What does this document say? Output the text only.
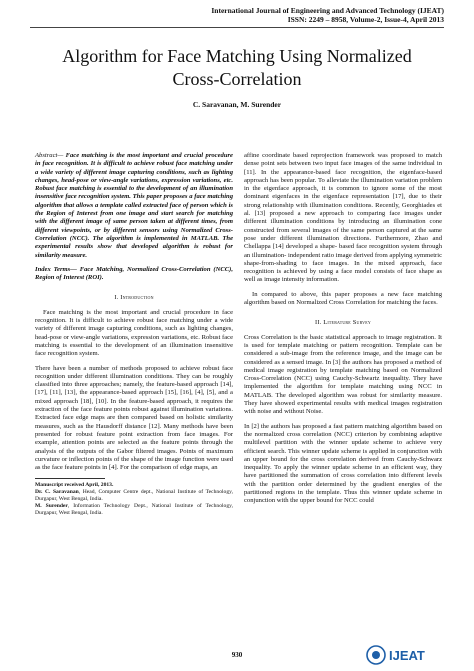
International Journal of Engineering and Advanced Technology (IJEAT)
ISSN: 2249 – 8958, Volume-2, Issue-4, April 2013
Algorithm for Face Matching Using Normalized
Cross-Correlation
C. Saravanan, M. Surender

Abstract— Face matching is the most important and crucial procedure in face recognition. It is difficult to achieve robust face matching under a wide variety of different image capturing conditions, such as lighting changes, head-pose or view-angle variations, expression variations, etc. Robust face matching is essential to the development of an illumination insensitive face recognition system. This paper proposes a face matching algorithm that allows a template called extracted face of person which is the Region of Interest from one image and start search for matching with the different image of same person taken at different times, from different viewpoints, or by different sensors using Normalized Cross-Correlation (NCC). The algorithm is implemented in MATLAB. The experimental results show that developed algorithm is robust for similarity measure.

Index Terms— Face Matching, Normalized Cross-Correlation (NCC), Region of Interest (ROI).

I. Introduction

Face matching is the most important and crucial procedure in face recognition. It is difficult to achieve robust face matching under a wide variety of different image capturing conditions, such as lighting changes, head-pose or view-angle variations, expression variations, etc. Robust face matching is essential to the development of an illumination insensitive face recognition system.

There have been a number of methods proposed to achieve robust face recognition under different illumination conditions. They can be roughly classified into three approaches; namely, the feature-based approach [14], [17], [11], [13], the appearance-based approach [15], [16], [4], [5], and a mixed approach [18], [10]. In the feature-based approach, it requires the extraction of the face feature points robust against illumination variations. Extracted face edge maps are then compared based on holistic similarity measures, such as the Hausdorff distance [12]. Many methods have been presented for robust feature point extraction from face images. For example, attention points are selected as the feature points through the analysis of the outputs of the Gabor filtered images. Points of maximum curvature or inflection points of the shape of the image function were used as the face feature points in [4]. For the comparison of edge maps, an

Manuscript received April, 2013.

Dr. C. Saravanan, Head, Computer Centre dept., National Institute of Technology, Durgapur, West Bengal, India.

M. Surender, Information Technology Dept., National Institute of Technology, Durgapur, West Bengal, India.

affine coordinate based reprojection framework was proposed to match dense point sets between two input face images of the same individual in [11]. In the appearance-based face recognition, the eigenface-based approach has been popular. To alleviate the illumination variation problem in the eigenface approach, it is common to ignore some of the most dominant eigenfaces in the eigenface representation [17], due to their strong relationship with illumination conditions. Recently, Georghiades et al. [13] proposed a new approach to comparing face images under different illumination conditions by introducing an illumination cone constructed from several images of the same person captured at the same pose under different illumination directions. Furthermore, Zhao and Chellappa [14] developed a shape- based face recognition system through an illumination- independent ratio image derived from applying symmetric shape-from-shading to face images. In the mixed approach, face recognition is achieved by using a face model consists of face shape as well as image intensity information.

In compared to above, this paper proposes a new face matching algorithm based on Normalized Cross Correlation for matching the faces.

II. Literature Survey

Cross Correlation is the basic statistical approach to image registration. It is used for template matching or pattern recognition. Template can be considered a sub-image from the reference image, and the image can be considered as a sensed image. In [3] the authors has proposed a method of medical image registration by template matching based on Normalized Cross-Correlation (NCC) using Cauchy-Schwartz inequality. They have implemented the algorithm for template matching using NCC in MATLAB. The developed algorithm was robust for similarity measure. They have showed experimental results with medical images registration with noise and without Noise.

In [2] the authors has proposed a fast pattern matching algorithm based on the normalized cross correlation (NCC) criterion by combining adaptive multilevel partition with the winner update scheme to achieve very efficient search. This winner update scheme is applied in conjunction with an upper bound for the cross correlation derived from Cauchy-Schwarz inequality. To apply the winner update scheme in an efficient way, they have partitioned the summation of cross correlation into different levels with the partition order determined by the gradient energies of the partitioned regions in the template. Thus this winner update scheme in conjunction with the upper bound for NCC could

930	IJEAT
